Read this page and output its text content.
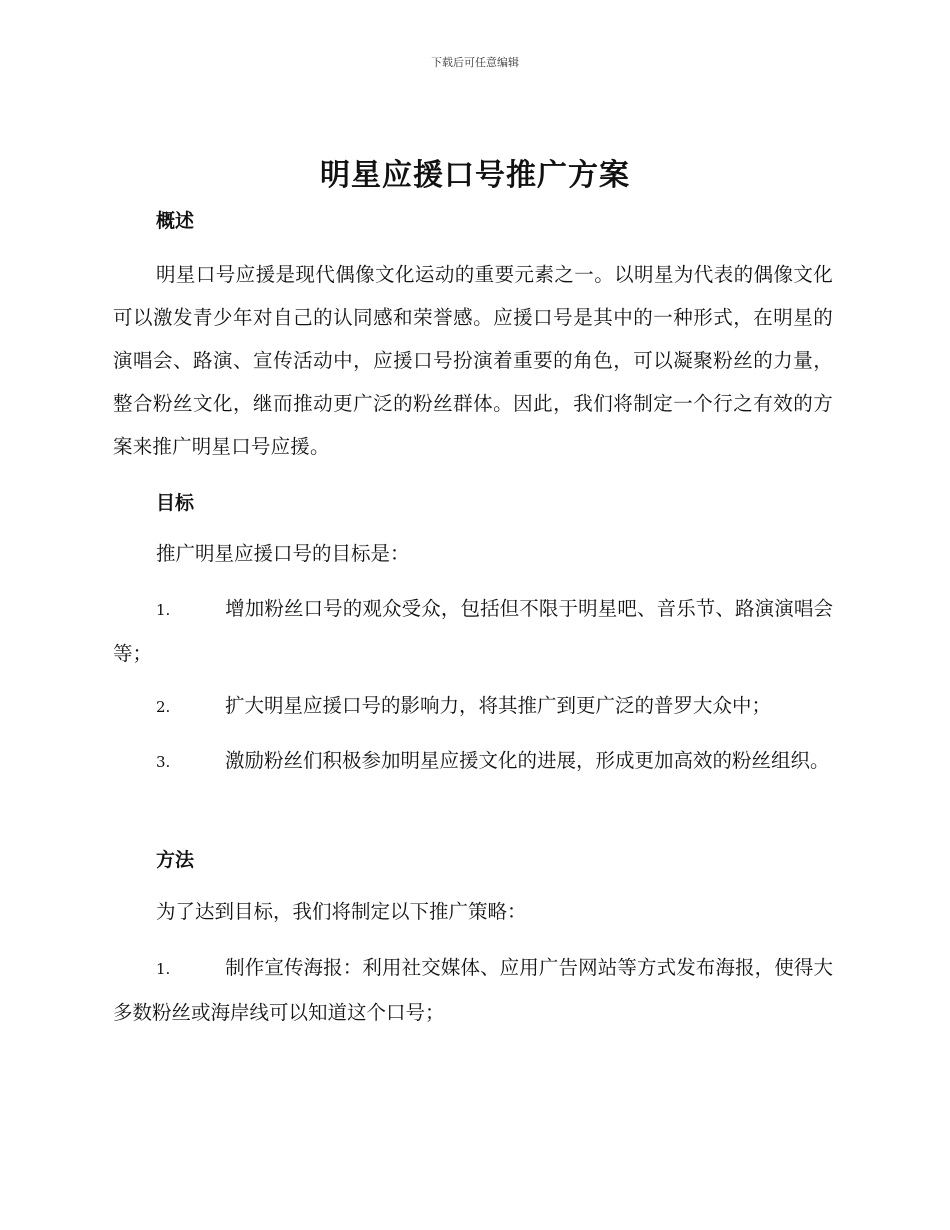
下载后可任意编辑
明星应援口号推广方案
概述
明星口号应援是现代偶像文化运动的重要元素之一。以明星为代表的偶像文化可以激发青少年对自己的认同感和荣誉感。应援口号是其中的一种形式，在明星的演唱会、路演、宣传活动中，应援口号扮演着重要的角色，可以凝聚粉丝的力量，整合粉丝文化，继而推动更广泛的粉丝群体。因此，我们将制定一个行之有效的方案来推广明星口号应援。
目标
推广明星应援口号的目标是：
1.	增加粉丝口号的观众受众，包括但不限于明星吧、音乐节、路演演唱会等；
2.	扩大明星应援口号的影响力，将其推广到更广泛的普罗大众中；
3.	激励粉丝们积极参加明星应援文化的进展，形成更加高效的粉丝组织。
方法
为了达到目标，我们将制定以下推广策略：
1.	制作宣传海报：利用社交媒体、应用广告网站等方式发布海报，使得大多数粉丝或海岸线可以知道这个口号；
